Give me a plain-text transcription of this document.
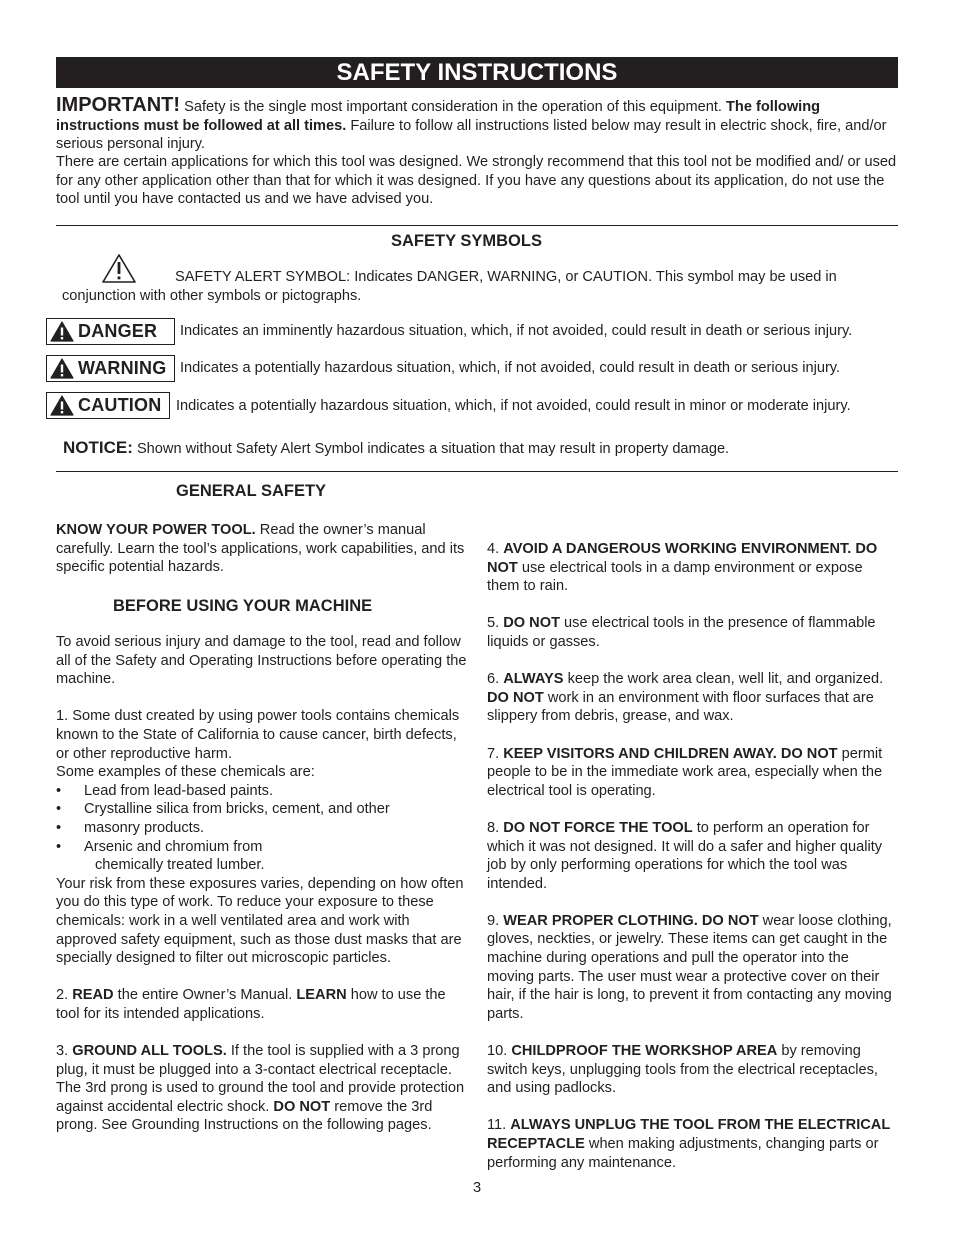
SAFETY INSTRUCTIONS
IMPORTANT! Safety is the single most important consideration in the operation of this equipment. The following instructions must be followed at all times. Failure to follow all instructions listed below may result in electric shock, fire, and/or serious personal injury.
There are certain applications for which this tool was designed. We strongly recommend that this tool not be modified and/ or used for any other application other than that for which it was designed. If you have any questions about its application, do not use the tool until you have contacted us and we have advised you.
SAFETY SYMBOLS
SAFETY ALERT SYMBOL: Indicates DANGER, WARNING, or CAUTION. This symbol may be used in conjunction with other symbols or pictographs.
DANGER Indicates an imminently hazardous situation, which, if not avoided, could result in death or serious injury.
WARNING Indicates a potentially hazardous situation, which, if not avoided, could result in death or serious injury.
CAUTION Indicates a potentially hazardous situation, which, if not avoided, could result in minor or moderate injury.
NOTICE: Shown without Safety Alert Symbol indicates a situation that may result in property damage.
GENERAL SAFETY

KNOW YOUR POWER TOOL. Read the owner’s manual carefully. Learn the tool’s applications, work capabilities, and its specific potential hazards.

BEFORE USING YOUR MACHINE

To avoid serious injury and damage to the tool, read and follow all of the Safety and Operating Instructions before operating the machine.

1. Some dust created by using power tools contains chemicals known to the State of California to cause cancer, birth defects, or other reproductive harm.

Some examples of these chemicals are:

• Lead from lead-based paints.

• Crystalline silica from bricks, cement, and other

• masonry products.

• Arsenic and chromium from

chemically treated lumber.

Your risk from these exposures varies, depending on how often you do this type of work. To reduce your exposure to these chemicals: work in a well ventilated area and work with approved safety equipment, such as those dust masks that are specially designed to filter out microscopic particles.

2. READ the entire Owner’s Manual. LEARN how to use the tool for its intended applications.

3. GROUND ALL TOOLS. If the tool is supplied with a 3 prong plug, it must be plugged into a 3-contact electrical receptacle. The 3rd prong is used to ground the tool and provide protection against accidental electric shock. DO NOT remove the 3rd prong. See Grounding Instructions on the following pages.

4. AVOID A DANGEROUS WORKING ENVIRONMENT. DO NOT use electrical tools in a damp environment or expose them to rain.

5. DO NOT use electrical tools in the presence of flammable liquids or gasses.

6. ALWAYS keep the work area clean, well lit, and organized. DO NOT work in an environment with floor surfaces that are slippery from debris, grease, and wax.

7. KEEP VISITORS AND CHILDREN AWAY. DO NOT permit people to be in the immediate work area, especially when the electrical tool is operating.

8. DO NOT FORCE THE TOOL to perform an operation for which it was not designed. It will do a safer and higher quality job by only performing operations for which the tool was intended.

9. WEAR PROPER CLOTHING. DO NOT wear loose clothing, gloves, neckties, or jewelry. These items can get caught in the machine during operations and pull the operator into the moving parts. The user must wear a protective cover on their hair, if the hair is long, to prevent it from contacting any moving parts.

10. CHILDPROOF THE WORKSHOP AREA by removing switch keys, unplugging tools from the electrical receptacles, and using padlocks.

11. ALWAYS UNPLUG THE TOOL FROM THE ELECTRICAL RECEPTACLE when making adjustments, changing parts or performing any maintenance.

3
